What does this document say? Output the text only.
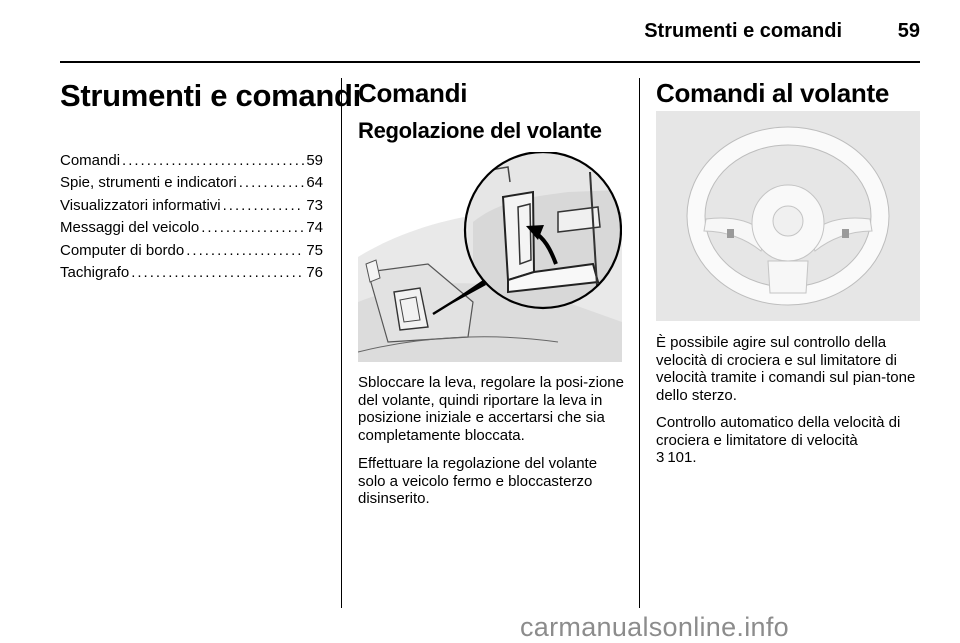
Strumenti e comandi	59
Strumenti e comandi
Comandi .....	59
Spie, strumenti e indicatori .....	64
Visualizzatori informativi .....	73
Messaggi del veicolo .....	74
Computer di bordo .....	75
Tachigrafo .....	76
Comandi
Regolazione del volante

Sbloccare la leva, regolare la posi-zione del volante, quindi riportare la leva in posizione iniziale e accertarsi che sia completamente bloccata.

Effettuare la regolazione del volante solo a veicolo fermo e bloccasterzo disinserito.

Comandi al volante

È possibile agire sul controllo della velocità di crociera e sul limitatore di velocità tramite i comandi sul pian-tone dello sterzo.

Controllo automatico della velocità di crociera e limitatore di velocità
3 101.

carmanualsonline.info
